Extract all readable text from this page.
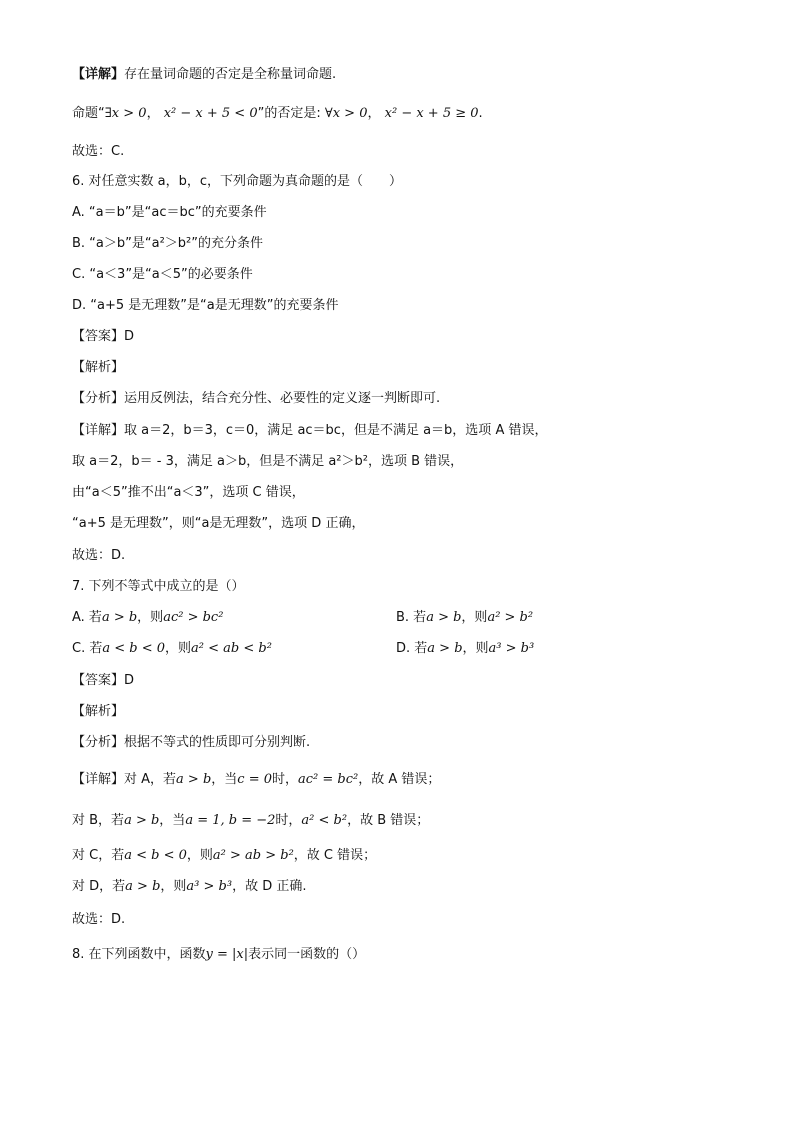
【详解】存在量词命题的否定是全称量词命题.
命题“∃x > 0， x² − x + 5 < 0”的否定是: ∀x > 0， x² − x + 5 ≥ 0.
故选：C.
6. 对任意实数 a，b，c，下列命题为真命题的是（　　）
A. “a＝b”是“ac＝bc”的充要条件
B. “a＞b”是“a²＞b²”的充分条件
C. “a＜3”是“a＜5”的必要条件
D. “a+5 是无理数”是“a是无理数”的充要条件
【答案】D
【解析】
【分析】运用反例法，结合充分性、必要性的定义逐一判断即可.
【详解】取 a＝2，b＝3，c＝0，满足 ac＝bc，但是不满足 a＝b，选项 A 错误，
取 a＝2，b＝ - 3，满足 a＞b，但是不满足 a²＞b²，选项 B 错误，
由“a＜5”推不出“a＜3”，选项 C 错误，
“a+5 是无理数”，则“a是无理数”，选项 D 正确，
故选：D.
7. 下列不等式中成立的是（）
A. 若a > b，则ac² > bc²	B. 若a > b，则a² > b²
C. 若a < b < 0，则a² < ab < b²	D. 若a > b，则a³ > b³
【答案】D
【解析】
【分析】根据不等式的性质即可分别判断.
【详解】对 A，若a > b，当c = 0时，ac² = bc²，故 A 错误；
对 B，若a > b，当a = 1, b = −2时，a² < b²，故 B 错误；
对 C，若a < b < 0，则a² > ab > b²，故 C 错误；
对 D，若a > b，则a³ > b³，故 D 正确.
故选：D.
8. 在下列函数中，函数y = |x|表示同一函数的（）
